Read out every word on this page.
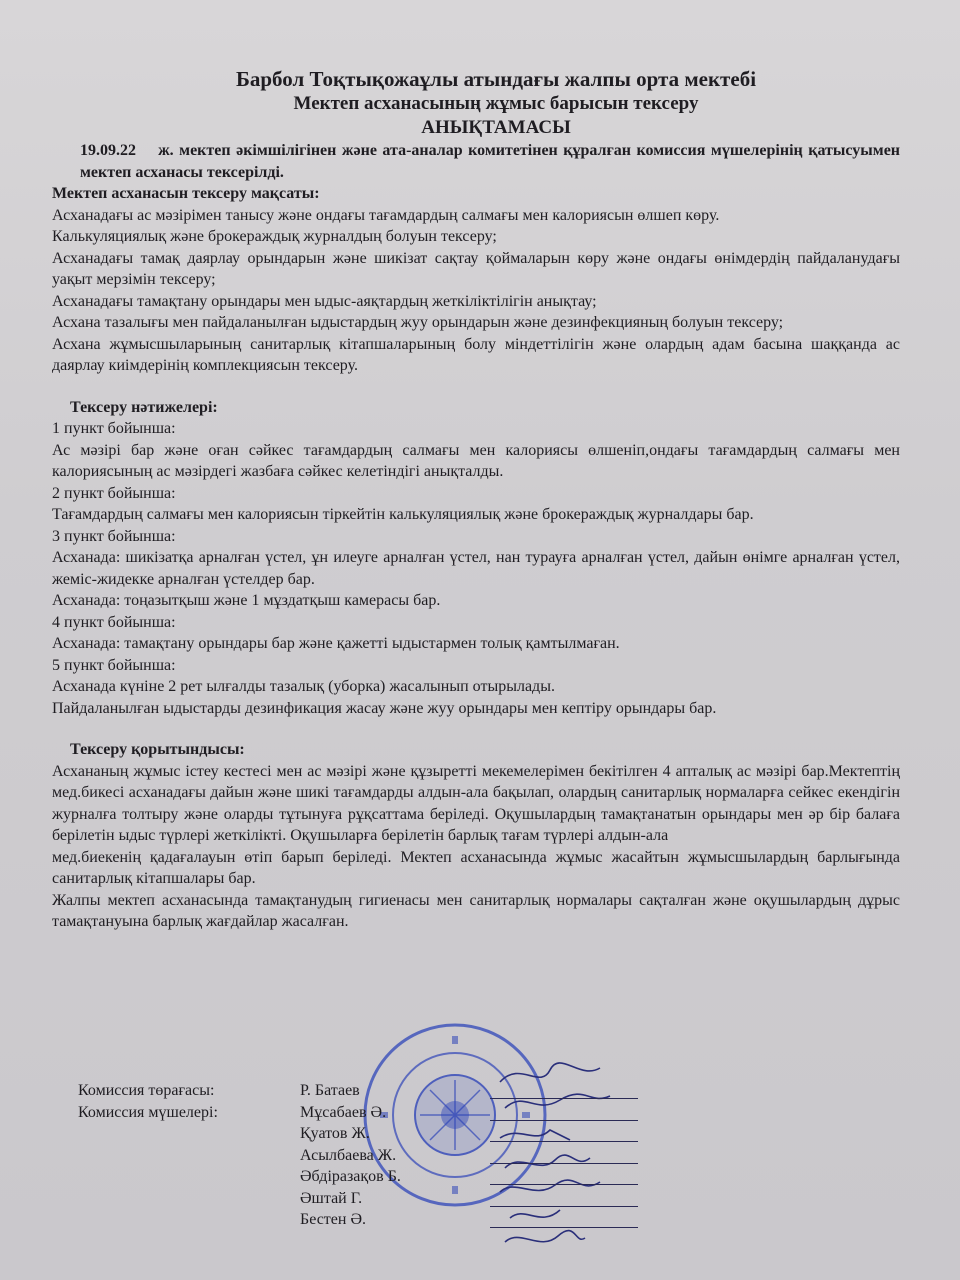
Барбол Тоқтықожаұлы атындағы жалпы орта мектебі
Мектеп асханасының жұмыс барысын тексеру
АНЫҚТАМАСЫ

19.09.22 ж. мектеп әкімшілігінен және ата-аналар комитетінен құралған комиссия мүшелерінің қатысуымен мектеп асханасы тексерілді.

Мектеп асханасын тексеру мақсаты:

Асханадағы ас мәзірімен танысу және ондағы тағамдардың салмағы мен калориясын өлшеп көру.

Калькуляциялық және брокераждық журналдың болуын тексеру;

Асханадағы тамақ даярлау орындарын және шикізат сақтау қоймаларын көру және ондағы өнімдердің пайдаланудағы уақыт мерзімін тексеру;

Асханадағы тамақтану орындары мен ыдыс-аяқтардың жеткіліктілігін анықтау;

Асхана тазалығы мен пайдаланылған ыдыстардың жуу орындарын және дезинфекцияның болуын тексеру;

Асхана жұмысшыларының санитарлық кітапшаларының болу міндеттілігін және олардың адам басына шаққанда ас даярлау киімдерінің комплекциясын тексеру.

Тексеру нәтижелері:

1 пункт бойынша:

Ас мәзірі бар және оған сәйкес тағамдардың салмағы мен калориясы өлшеніп,ондағы тағамдардың салмағы мен калориясының ас мәзірдегі жазбаға сәйкес келетіндігі анықталды.

2 пункт бойынша:

Тағамдардың салмағы мен калориясын тіркейтін калькуляциялық және брокераждық журналдары бар.

3 пункт бойынша:

Асханада: шикізатқа арналған үстел, ұн илеуге арналған үстел, нан турауға арналған үстел, дайын өнімге арналған үстел, жеміс-жидекке арналған үстелдер бар.

Асханада: тоңазытқыш және 1 мұздатқыш камерасы бар.

4 пункт бойынша:

Асханада: тамақтану орындары бар және қажетті ыдыстармен толық қамтылмаған.

5 пункт бойынша:

Асханада күніне 2 рет ылғалды тазалық (уборка) жасалынып отырылады.

Пайдаланылған ыдыстарды дезинфикация жасау және жуу орындары мен кептіру орындары бар.

Тексеру қорытындысы:

Асхананың жұмыс істеу кестесі мен ас мәзірі және құзыретті мекемелерімен бекітілген 4 апталық ас мәзірі бар.Мектептің мед.бикесі асханадағы дайын және шикі тағамдарды алдын-ала бақылап, олардың санитарлық нормаларға сейкес екендігін журналға толтыру және оларды тұтынуға рұқсаттама беріледі. Оқушылардың тамақтанатын орындары мен әр бір балаға берілетін ыдыс түрлері жеткілікті. Оқушыларға берілетін барлық тағам түрлері алдын-ала

мед.биекенің қадағалауын өтіп барып беріледі. Мектеп асханасында жұмыс жасайтын жұмысшылардың барлығында санитарлық кітапшалары бар.

Жалпы мектеп асханасында тамақтанудың гигиенасы мен санитарлық нормалары сақталған және оқушылардың дұрыс тамақтануына барлық жағдайлар жасалған.

Комиссия төрағасы:	Р. Батаев
Комиссия мүшелері:	Мұсабаев Ә.
Қуатов Ж.
Асылбаева Ж.
Әбдіразақов Б.
Әштай Г.
Бестен Ә.
